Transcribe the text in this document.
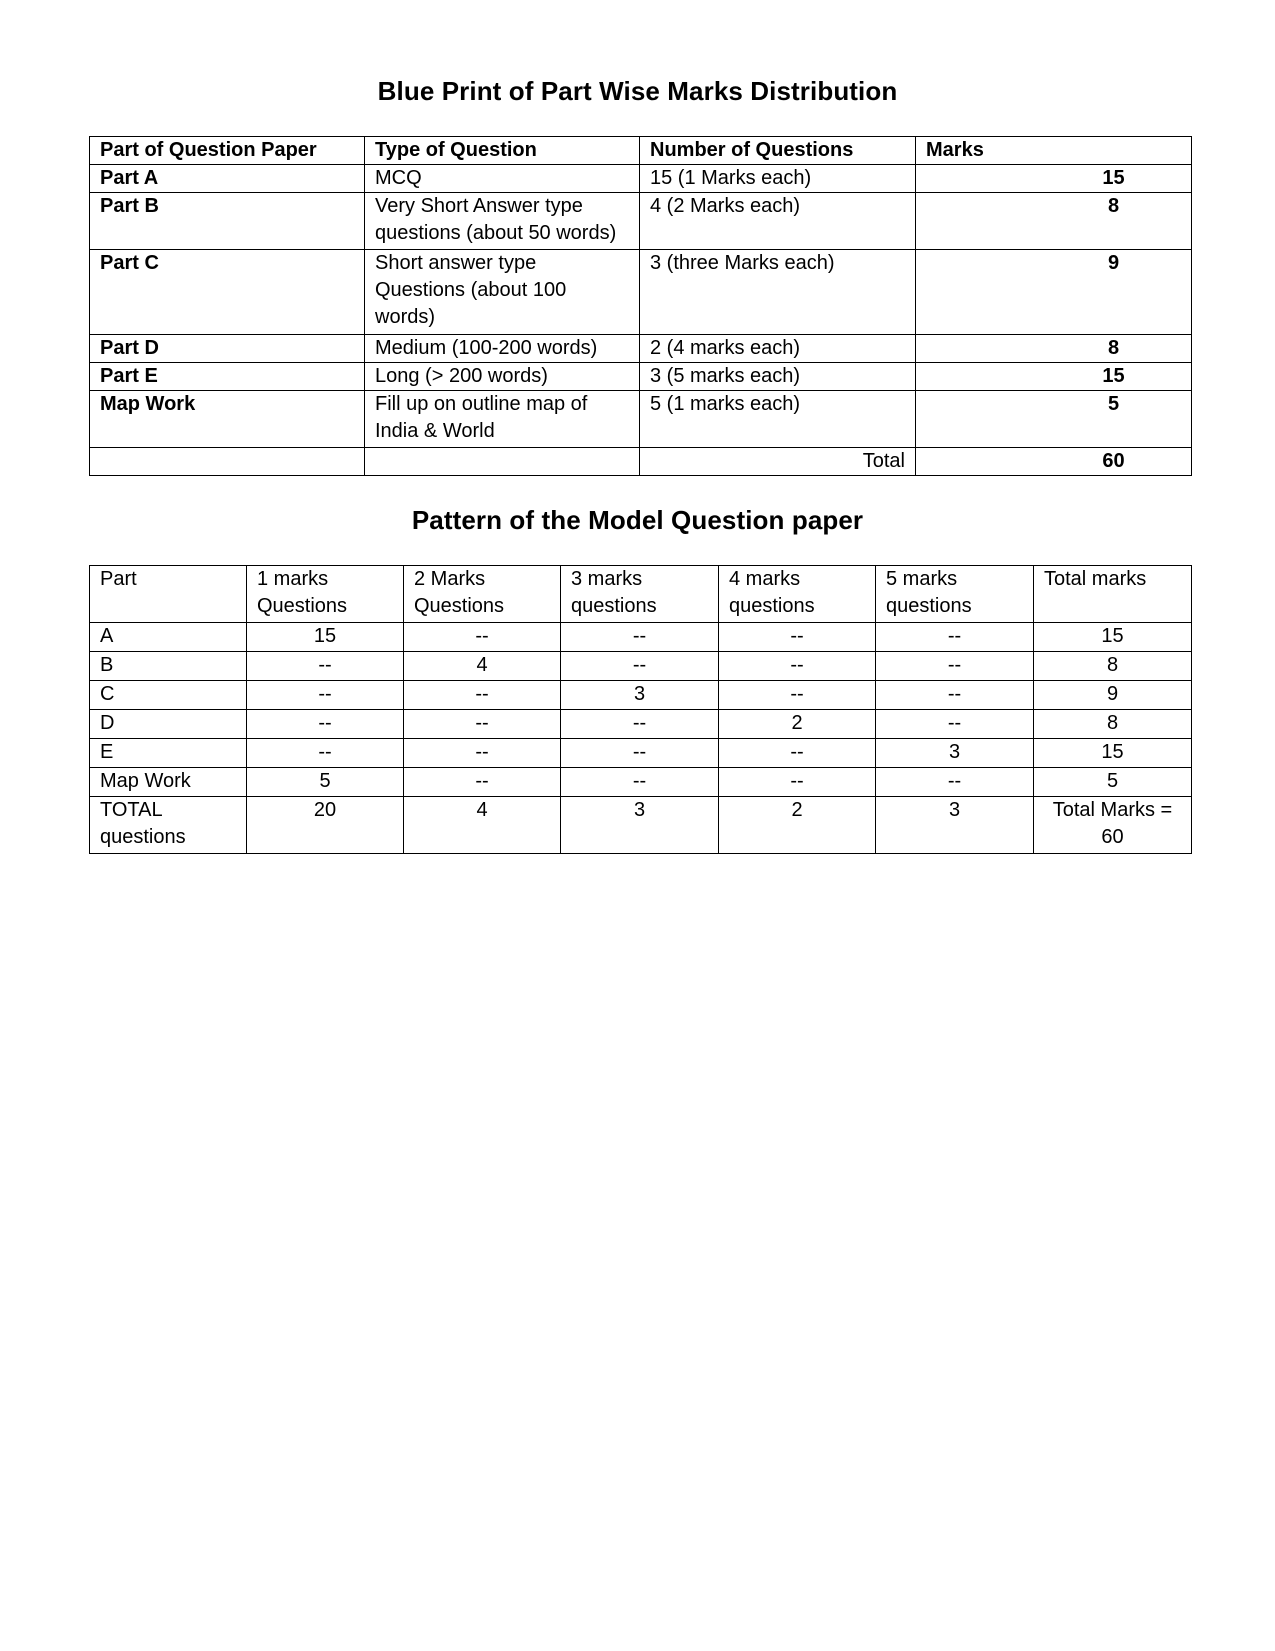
Blue Print of Part Wise Marks Distribution
Part of Question Paper	Type of Question	Number of Questions	Marks
Part A	MCQ	15 (1 Marks each)	15
Part B	Very Short Answer type questions (about 50 words)	4 (2 Marks each)	8
Part C	Short answer type Questions (about 100 words)	3 (three Marks each)	9
Part D	Medium (100-200 words)	2 (4 marks each)	8
Part E	Long (> 200 words)	3 (5 marks each)	15
Map Work	Fill up on outline map of India & World	5 (1 marks each)	5
		Total	60
Pattern of the Model Question paper
Part	1 marks Questions	2 Marks Questions	3 marks questions	4 marks questions	5 marks questions	Total marks
A	15	--	--	--	--	15
B	--	4	--	--	--	8
C	--	--	3	--	--	9
D	--	--	--	2	--	8
E	--	--	--	--	3	15
Map Work	5	--	--	--	--	5
TOTAL questions	20	4	3	2	3	Total Marks = 60
